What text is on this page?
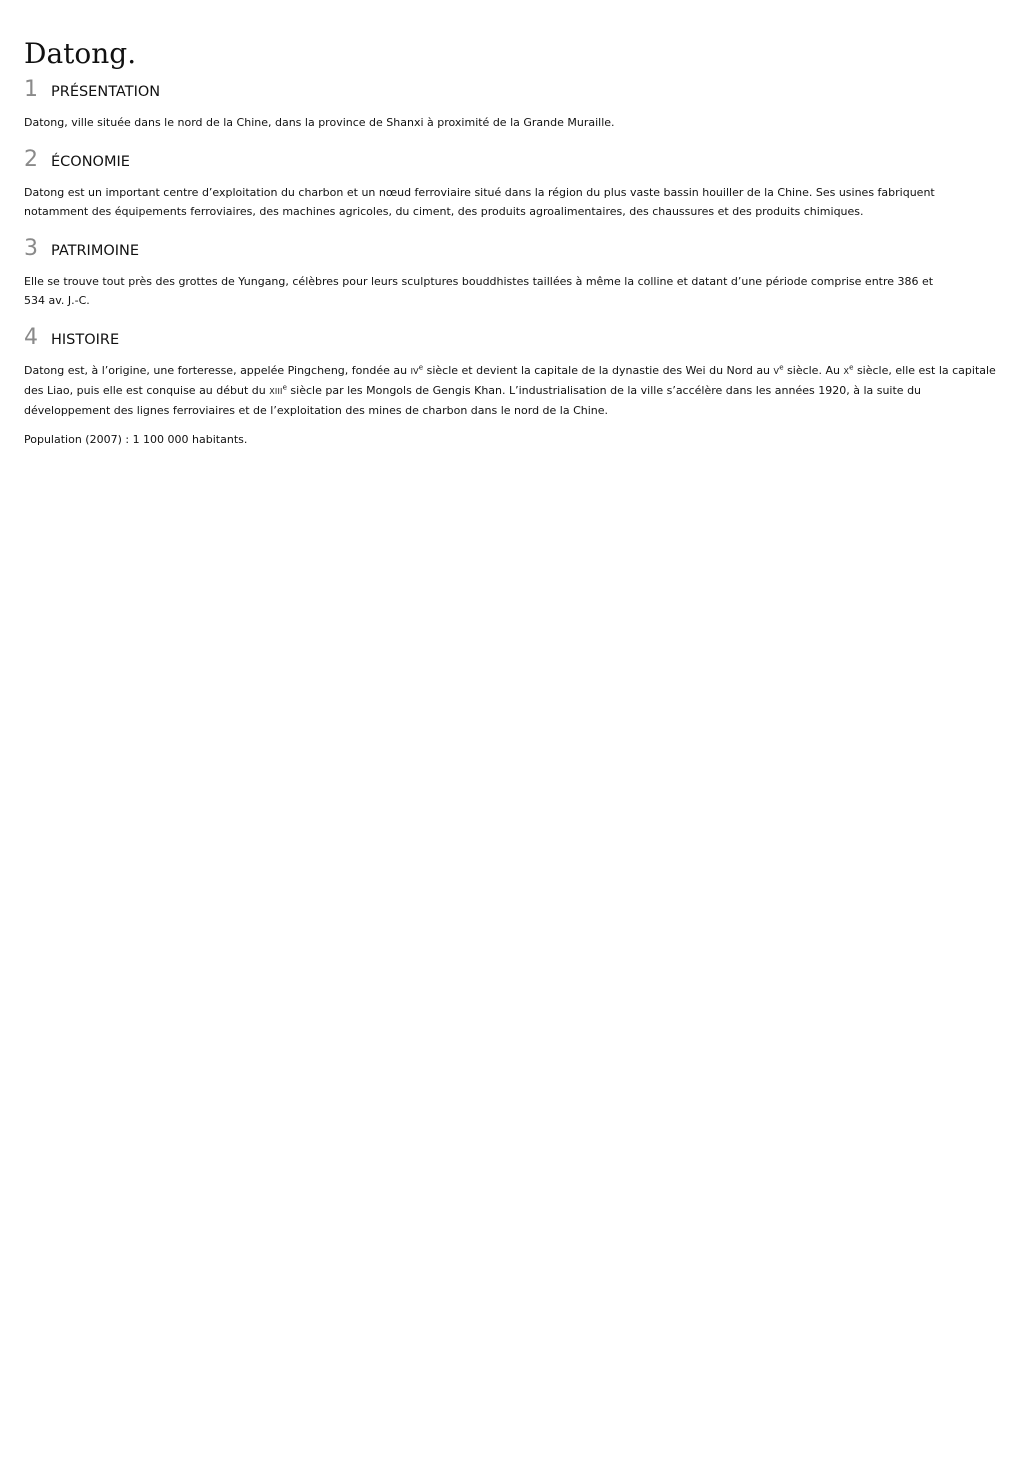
Datong.
1 PRÉSENTATION

Datong, ville située dans le nord de la Chine, dans la province de Shanxi à proximité de la Grande Muraille.

2 ÉCONOMIE

Datong est un important centre d’exploitation du charbon et un nœud ferroviaire situé dans la région du plus vaste bassin houiller de la Chine. Ses usines fabriquent notamment des équipements ferroviaires, des machines agricoles, du ciment, des produits agroalimentaires, des chaussures et des produits chimiques.

3 PATRIMOINE

Elle se trouve tout près des grottes de Yungang, célèbres pour leurs sculptures bouddhistes taillées à même la colline et datant d’une période comprise entre 386 et
534 av. J.-C.

4 HISTOIRE

Datong est, à l’origine, une forteresse, appelée Pingcheng, fondée au IVe siècle et devient la capitale de la dynastie des Wei du Nord au Ve siècle. Au Xe siècle, elle est la capitale des Liao, puis elle est conquise au début du XIIIe siècle par les Mongols de Gengis Khan. L’industrialisation de la ville s’accélère dans les années 1920, à la suite du développement des lignes ferroviaires et de l’exploitation des mines de charbon dans le nord de la Chine.

Population (2007) : 1 100 000 habitants.
